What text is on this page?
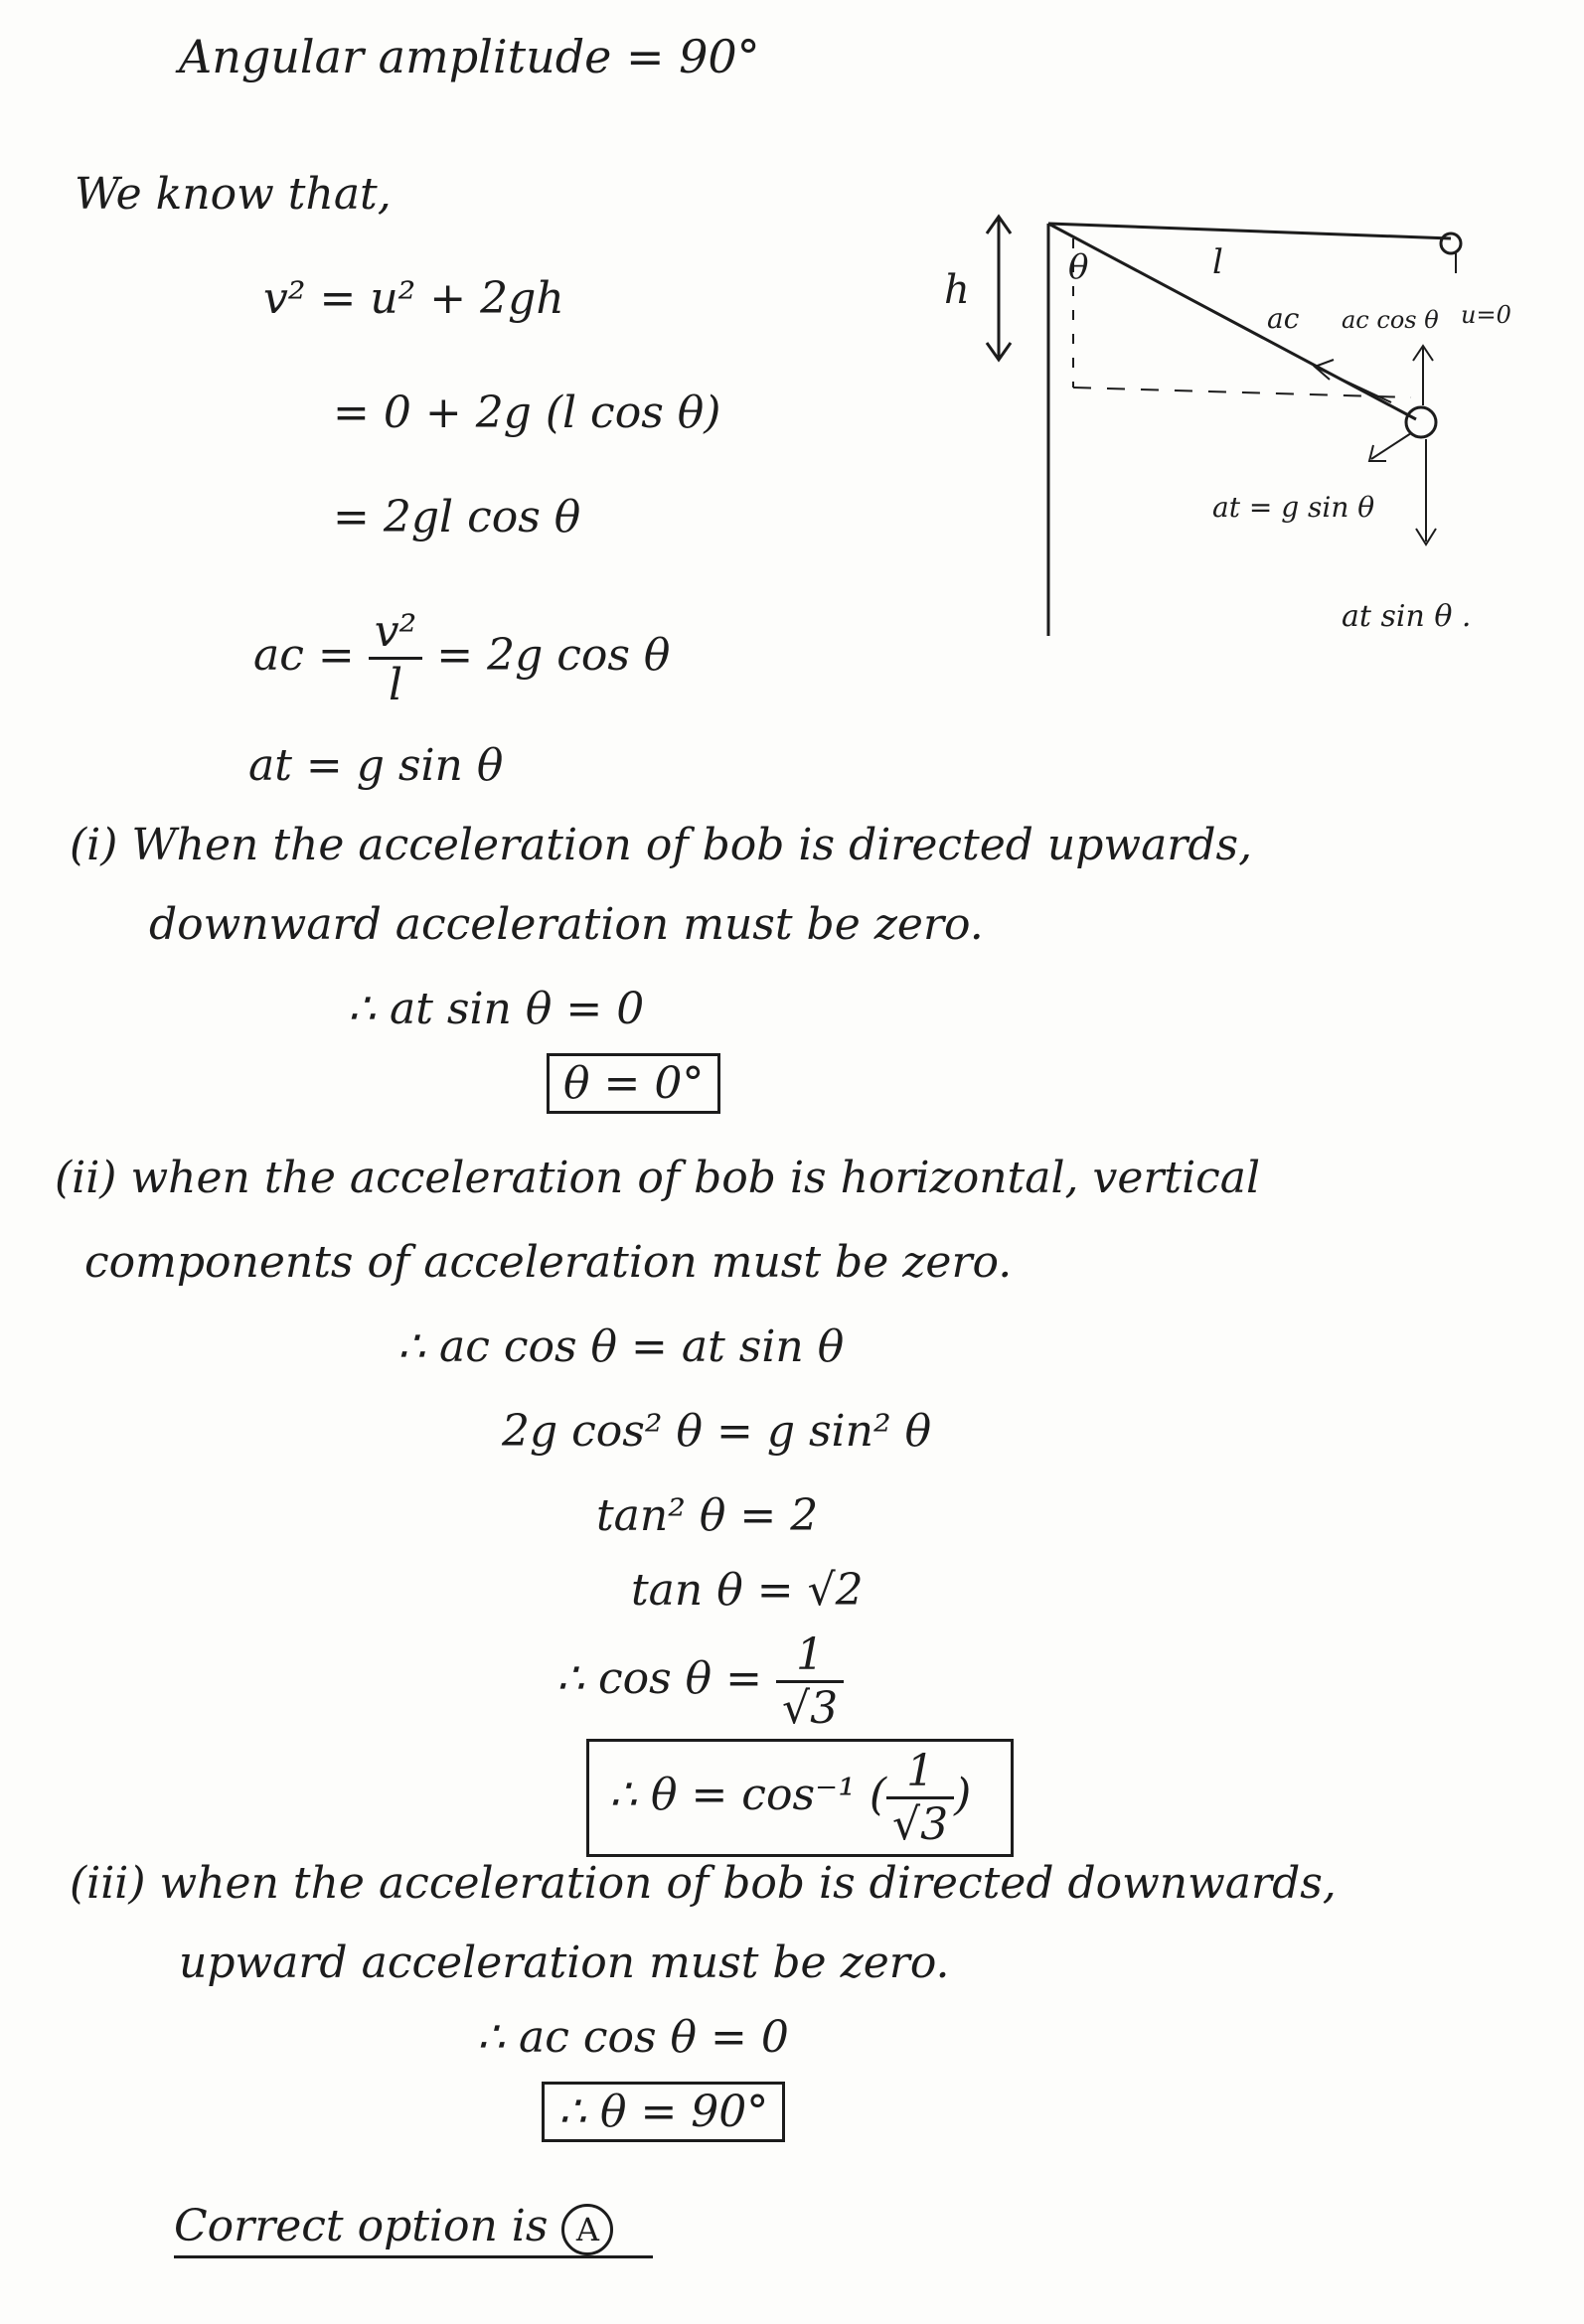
Angular amplitude = 90°
We know that,
v² = u² + 2gh
= 0 + 2g (l cos θ)
= 2gl cos θ
ac = $\frac{\text{v²}}{l} = 2g$ cos θ
at = g sin θ
h	θ	l
ac ac cos θ u=0
at = g sin θ
at sin θ .
(i) When the acceleration of bob is directed upwards,
downward acceleration must be zero.
∴ at sin θ = 0
θ = 0°
(ii) when the acceleration of bob is horizontal, vertical
components of acceleration must be zero.
∴ ac cos θ = at sin θ
2g cos² θ = g sin² θ
tan² θ = 2
tan θ = √2
∴ $\cos \theta = \frac{1}{√3}$
∴ θ = cos⁻¹ ( $\frac{1}{√3}$ )
(iii) when the acceleration of bob is directed downwards,
upward acceleration must be zero.
∴ ac cos θ = 0
∴ θ = 90°
Correct option is A
